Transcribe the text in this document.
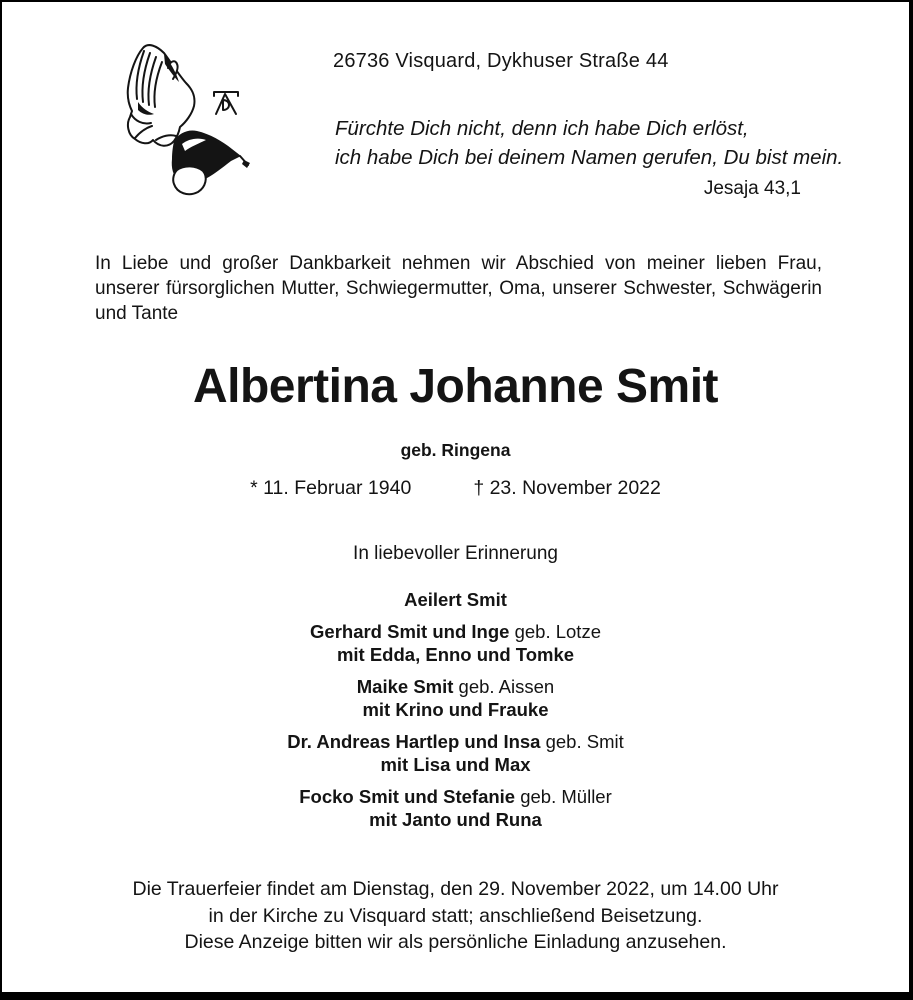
26736 Visquard, Dykhuser Straße 44
Fürchte Dich nicht, denn ich habe Dich erlöst,
ich habe Dich bei deinem Namen gerufen, Du bist mein.
Jesaja 43,1
In Liebe und großer Dankbarkeit nehmen wir Abschied von meiner lieben Frau, unserer fürsorglichen Mutter, Schwiegermutter, Oma, unserer Schwester, Schwägerin und Tante
Albertina Johanne Smit
geb. Ringena
* 11. Februar 1940	† 23. November 2022
In liebevoller Erinnerung
Aeilert Smit
Gerhard Smit und Inge geb. Lotze
mit Edda, Enno und Tomke
Maike Smit geb. Aissen
mit Krino und Frauke
Dr. Andreas Hartlep und Insa geb. Smit
mit Lisa und Max
Focko Smit und Stefanie geb. Müller
mit Janto und Runa
Die Trauerfeier findet am Dienstag, den 29. November 2022, um 14.00 Uhr
in der Kirche zu Visquard statt; anschließend Beisetzung.
Diese Anzeige bitten wir als persönliche Einladung anzusehen.
